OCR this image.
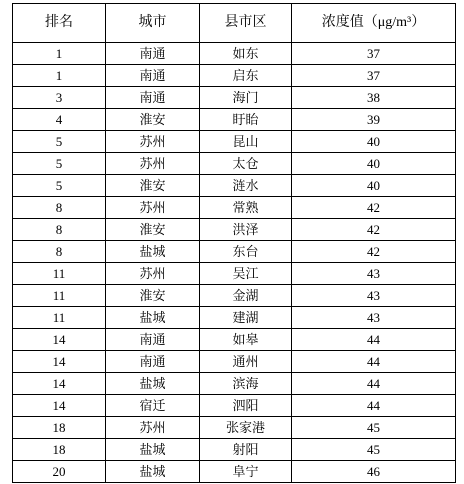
排名	城市	县市区	浓度值（μg/m³）
1	南通	如东	37
1	南通	启东	37
3	南通	海门	38
4	淮安	盱眙	39
5	苏州	昆山	40
5	苏州	太仓	40
5	淮安	涟水	40
8	苏州	常熟	42
8	淮安	洪泽	42
8	盐城	东台	42
11	苏州	吴江	43
11	淮安	金湖	43
11	盐城	建湖	43
14	南通	如皋	44
14	南通	通州	44
14	盐城	滨海	44
14	宿迁	泗阳	44
18	苏州	张家港	45
18	盐城	射阳	45
20	盐城	阜宁	46
